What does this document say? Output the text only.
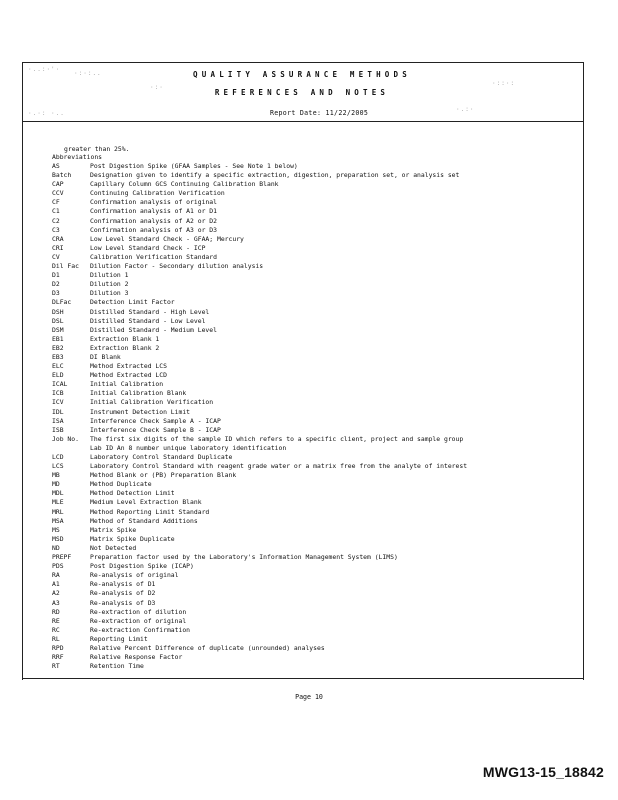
·..:·'·
·:·:..
·.·: ·..
·:·
·::·:
·.:·
QUALITY ASSURANCE METHODS
REFERENCES AND NOTES
Report Date: 11/22/2005
greater than 25%.
Abbreviations
AS	Post Digestion Spike (GFAA Samples - See Note 1 below)
Batch	Designation given to identify a specific extraction, digestion, preparation set, or analysis set
CAP	Capillary Column GCS Continuing Calibration Blank
CCV	Continuing Calibration Verification
CF	Confirmation analysis of original
C1	Confirmation analysis of A1 or D1
C2	Confirmation analysis of A2 or D2
C3	Confirmation analysis of A3 or D3
CRA	Low Level Standard Check - GFAA; Mercury
CRI	Low Level Standard Check - ICP
CV	Calibration Verification Standard
Dil Fac	Dilution Factor - Secondary dilution analysis
D1	Dilution 1
D2	Dilution 2
D3	Dilution 3
DLFac	Detection Limit Factor
DSH	Distilled Standard - High Level
DSL	Distilled Standard - Low Level
DSM	Distilled Standard - Medium Level
EB1	Extraction Blank 1
EB2	Extraction Blank 2
EB3	DI Blank
ELC	Method Extracted LCS
ELD	Method Extracted LCD
ICAL	Initial Calibration
ICB	Initial Calibration Blank
ICV	Initial Calibration Verification
IDL	Instrument Detection Limit
ISA	Interference Check Sample A - ICAP
ISB	Interference Check Sample B - ICAP
Job No.	The first six digits of the sample ID which refers to a specific client, project and sample group
Lab ID An 8 number unique laboratory identification
LCD	Laboratory Control Standard Duplicate
LCS	Laboratory Control Standard with reagent grade water or a matrix free from the analyte of interest
MB	Method Blank or (PB) Preparation Blank
MD	Method Duplicate
MDL	Method Detection Limit
MLE	Medium Level Extraction Blank
MRL	Method Reporting Limit Standard
MSA	Method of Standard Additions
MS	Matrix Spike
MSD	Matrix Spike Duplicate
ND	Not Detected
PREPF	Preparation factor used by the Laboratory's Information Management System (LIMS)
PDS	Post Digestion Spike (ICAP)
RA	Re-analysis of original
A1	Re-analysis of D1
A2	Re-analysis of D2
A3	Re-analysis of D3
RD	Re-extraction of dilution
RE	Re-extraction of original
RC	Re-extraction Confirmation
RL	Reporting Limit
RPD	Relative Percent Difference of duplicate (unrounded) analyses
RRF	Relative Response Factor
RT	Retention Time
Page 10
MWG13-15_18842
